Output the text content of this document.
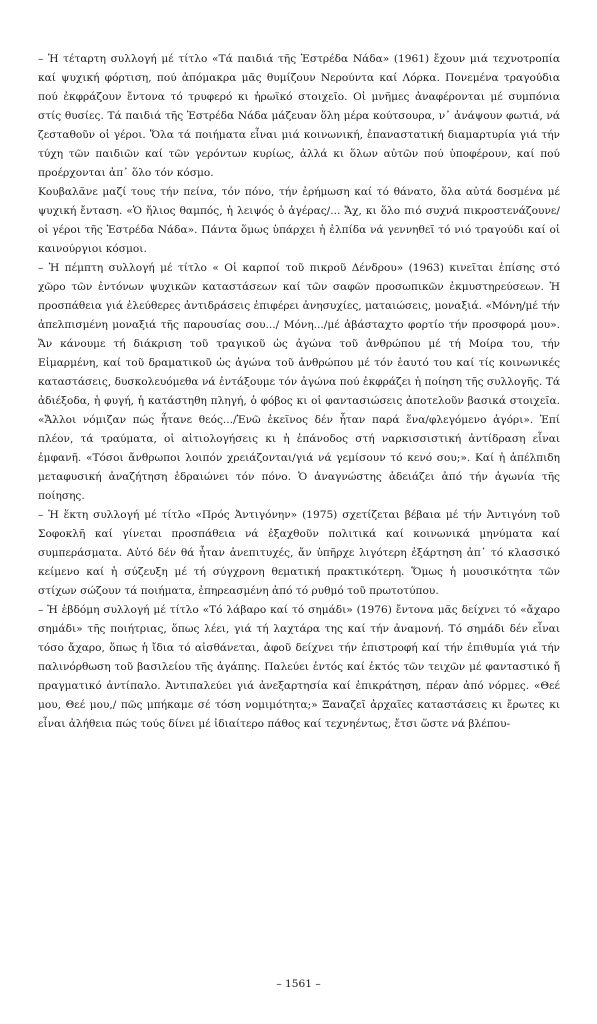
– Ἡ τέταρτη συλλογή μέ τίτλο «Τά παιδιά τῆς Ἐστρέδα Νάδα» (1961) ἔχουν μιά τεχνοτροπία καί ψυχική φόρτιση, πού ἀπόμακρα μᾶς θυμίζουν Νερούντα καί Λόρκα. Πονεμένα τραγούδια πού ἐκφράζουν ἔντονα τό τρυφερό κι ἡρωϊκό στοιχεῖο. Οἱ μνῆμες ἀναφέρονται μέ συμπόνια στίς θυσίες. Τά παιδιά τῆς Ἐστρέδα Νάδα μάζευαν ὅλη μέρα κούτσουρα, ν᾽ ἀνάψουν φωτιά, νά ζεσταθοῦν οἱ γέροι. Ὅλα τά ποιήματα εἶναι μιά κοινωνική, ἐπαναστατική διαμαρτυρία γιά τήν τύχη τῶν παιδιῶν καί τῶν γερόντων κυρίως, ἀλλά κι ὅλων αὐτῶν πού ὑποφέρουν, καί πού προέρχονται ἀπ᾽ ὅλο τόν κόσμο.

Κουβαλᾶνε μαζί τους τήν πείνα, τόν πόνο, τήν ἐρήμωση καί τό θάνατο, ὅλα αὐτά δοσμένα μέ ψυχική ἔνταση. «Ὁ ἥλιος θαμπός, ἡ λειψός ὁ ἀγέρας/... Ἄχ, κι ὅλο πιό συχνά πικροστενάζουνε/οἱ γέροι τῆς Ἐστρέδα Νάδα». Πάντα ὅμως ὑπάρχει ἡ ἐλπίδα νά γεννηθεῖ τό νιό τραγούδι καί οἱ καινούργιοι κόσμοι.

– Ἡ πέμπτη συλλογή μέ τίτλο « Οἱ καρποί τοῦ πικροῦ Δένδρου» (1963) κινεῖται ἐπίσης στό χῶρο τῶν ἐντόνων ψυχικῶν καταστάσεων καί τῶν σαφῶν προσωπικῶν ἐκμυστηρεύσεων. Ἡ προσπάθεια γιά ἐλεύθερες ἀντιδράσεις ἐπιφέρει ἀνησυχίες, ματαιώσεις, μοναξιά. «Μόνη/μέ τήν ἀπελπισμένη μοναξιά τῆς παρουσίας σου.../ Μόνη.../μέ ἀβάσταχτο φορτίο τήν προσφορά μου». Ἄν κάνουμε τή διάκριση τοῦ τραγικοῦ ὡς ἀγώνα τοῦ ἀνθρώπου μέ τή Μοίρα του, τήν Εἱμαρμένη, καί τοῦ δραματικοῦ ὡς ἀγώνα τοῦ ἀνθρώπου μέ τόν ἑαυτό του καί τίς κοινωνικές καταστάσεις, δυσκολευόμεθα νά ἐντάξουμε τόν ἀγώνα πού ἐκφράζει ἡ ποίηση τῆς συλλογῆς. Τά ἀδιέξοδα, ἡ φυγή, ἡ κατάστηθη πληγή, ὁ φόβος κι οἱ φαντασιώσεις ἀποτελοῦν βασικά στοιχεῖα. «Ἄλλοι νόμιζαν πώς ἦτανε θεός.../Ἐνῶ ἐκεῖνος δέν ἦταν παρά ἕνα/φλεγόμενο ἀγόρι». Ἐπί πλέον, τά τραύματα, οἱ αἰτιολογήσεις κι ἡ ἐπάνοδος στή ναρκισσιστική ἀντίδραση εἶναι ἐμφανῆ. «Τόσοι ἄνθρωποι λοιπόν χρειάζονται/γιά νά γεμίσουν τό κενό σου;». Καί ἡ ἀπέλπιδη μεταφυσική ἀναζήτηση ἑδραιώνει τόν πόνο. Ὁ ἀναγνώστης ἀδειάζει ἀπό τήν ἀγωνία τῆς ποίησης.

– Ἡ ἕκτη συλλογή μέ τίτλο «Πρός Ἀντιγόνην» (1975) σχετίζεται βέβαια μέ τήν Ἀντιγόνη τοῦ Σοφοκλῆ καί γίνεται προσπάθεια νά ἐξαχθοῦν πολιτικά καί κοινωνικά μηνύματα καί συμπεράσματα. Αὐτό δέν θά ἦταν ἀνεπιτυχές, ἄν ὑπῆρχε λιγότερη ἐξάρτηση ἀπ᾽ τό κλασσικό κείμενο καί ἡ σύζευξη μέ τή σύγχρονη θεματική πρακτικότερη. Ὅμως ἡ μουσικότητα τῶν στίχων σώζουν τά ποιήματα, ἐπηρεασμένη ἀπό τό ρυθμό τοῦ πρωτοτύπου.

– Ἡ ἑβδόμη συλλογή μέ τίτλο «Τό λάβαρο καί τό σημάδι» (1976) ἔντονα μᾶς δείχνει τό «ἄχαρο σημάδι» τῆς ποιήτριας, ὅπως λέει, γιά τή λαχτάρα της καί τήν ἀναμονή. Τό σημάδι δέν εἶναι τόσο ἄχαρο, ὅπως ἡ ἴδια τό αἰσθάνεται, ἀφοῦ δείχνει τήν ἐπιστροφή καί τήν ἐπιθυμία γιά τήν παλινόρθωση τοῦ βασιλείου τῆς ἀγάπης. Παλεύει ἐντός καί ἐκτός τῶν τειχῶν μέ φανταστικό ἤ πραγματικό ἀντίπαλο. Ἀντιπαλεύει γιά ἀνεξαρτησία καί ἐπικράτηση, πέραν ἀπό νόρμες. «Θεέ μου, Θεέ μου,/ πῶς μπήκαμε σέ τόση νομιμότητα;» Ξαναζεῖ ἀρχαῖες καταστάσεις κι ἔρωτες κι εἶναι ἀλήθεια πώς τούς δίνει μέ ἰδιαίτερο πάθος καί τεχνηέντως, ἔτσι ὥστε νά βλέπου-

– 1561 –
